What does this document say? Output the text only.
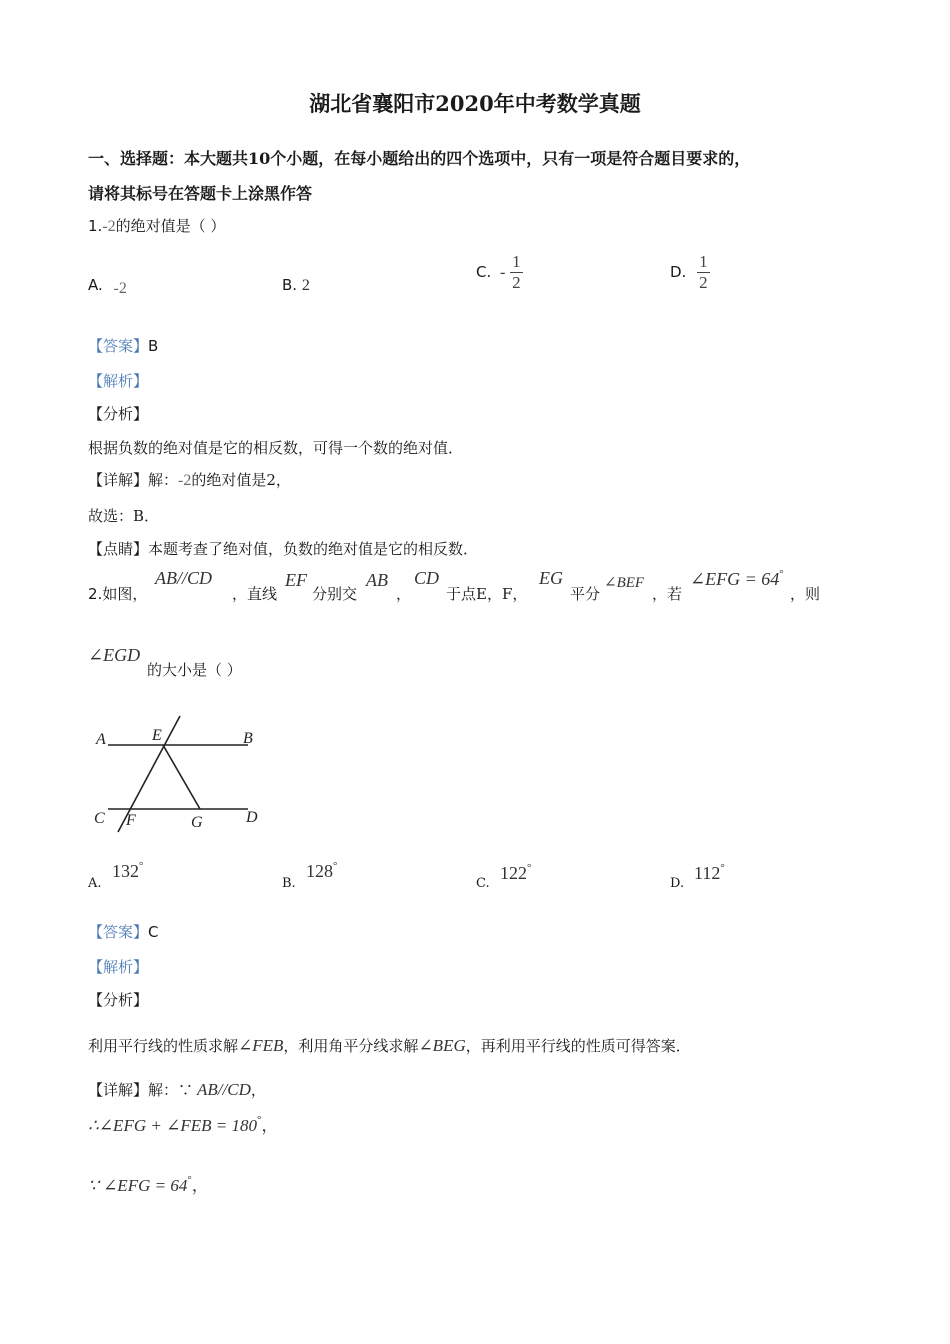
湖北省襄阳市2020年中考数学真题
一、选择题：本大题共10个小题，在每小题给出的四个选项中，只有一项是符合题目要求的，
请将其标号在答题卡上涂黑作答
1.-2的绝对值是（ ）
A. -2	B. 2
C. - $\frac{1}{2}$	D. $\frac{1}{2}$
【答案】B
【解析】
【分析】
根据负数的绝对值是它的相反数，可得一个数的绝对值．
【详解】解：-2的绝对值是2，
故选：B．
【点睛】本题考查了绝对值，负数的绝对值是它的相反数．
2.如图，
AB//CD
，直线
EF
分别交
AB
，
CD
于点E，F，
EG
平分
∠BEF
，若
∠EFG = 64°
，则
∠EGD
的大小是（ ）
A	E	B
C F	G	D
A.
132°
B.
128°
C.
122°
D.
112°
【答案】C
【解析】
【分析】
利用平行线的性质求解∠FEB，利用角平分线求解∠BEG，再利用平行线的性质可得答案．
【详解】解：∵ AB//CD，
∴∠EFG + ∠FEB = 180°，
∵ ∠EFG = 64°，
